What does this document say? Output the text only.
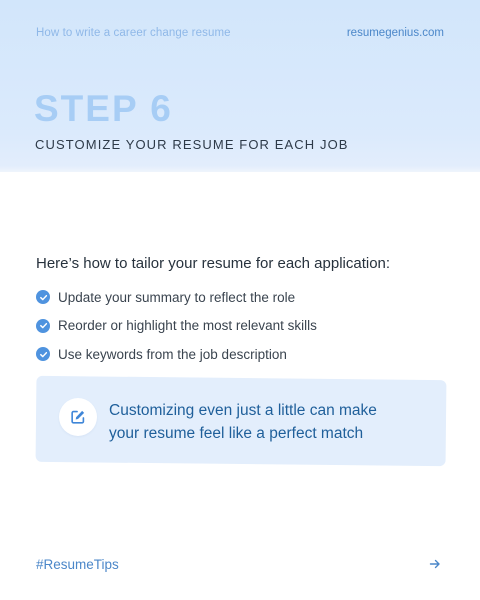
How to write a career change resume	resumegenius.com
STEP 6
CUSTOMIZE YOUR RESUME FOR EACH JOB
Here’s how to tailor your resume for each application:
Update your summary to reflect the role
Reorder or highlight the most relevant skills
Use keywords from the job description
Customizing even just a little can make
your resume feel like a perfect match
#ResumeTips
